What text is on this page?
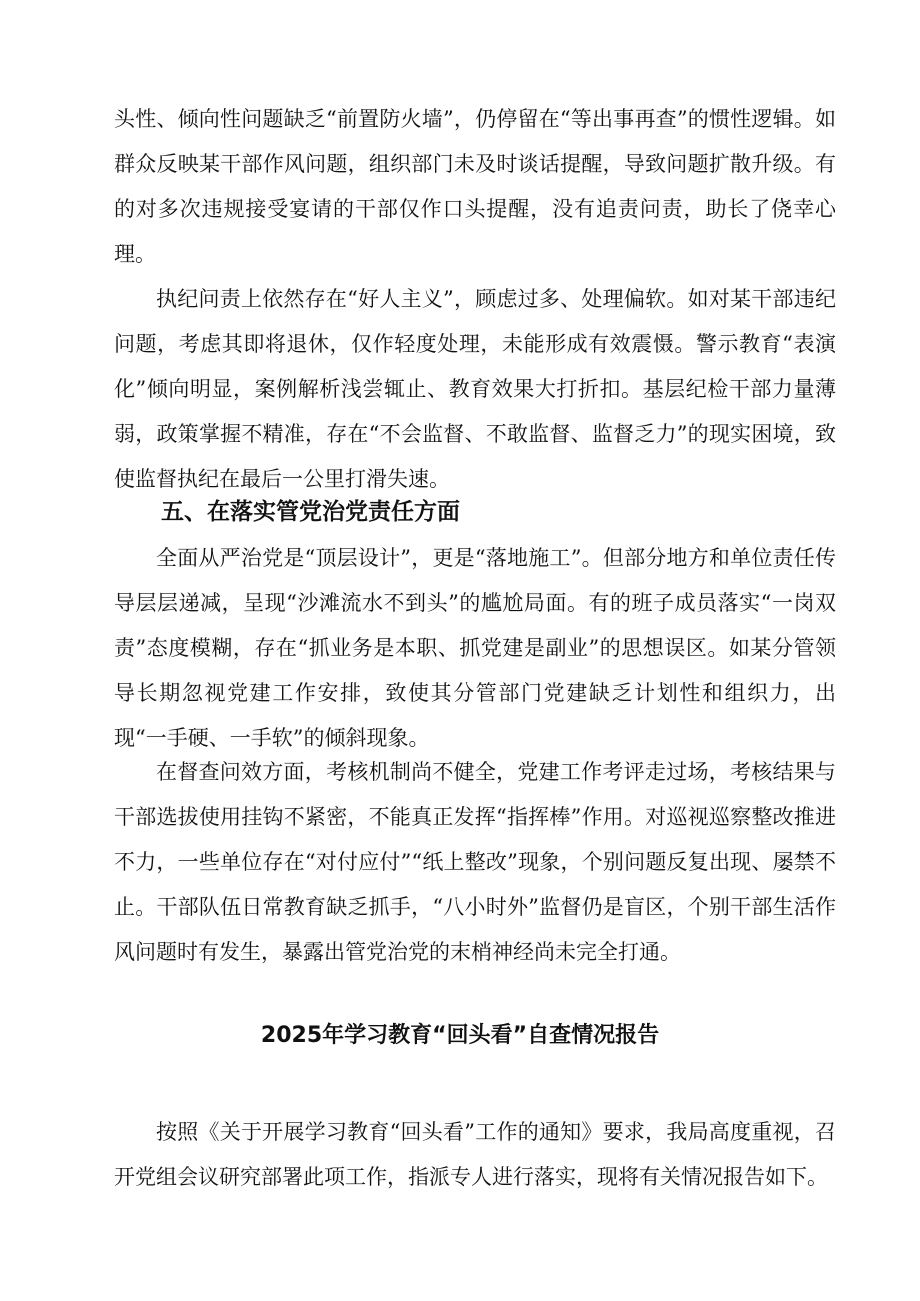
头性、倾向性问题缺乏“前置防火墙”，仍停留在“等出事再查”的惯性逻辑。如群众反映某干部作风问题，组织部门未及时谈话提醒，导致问题扩散升级。有的对多次违规接受宴请的干部仅作口头提醒，没有追责问责，助长了侥幸心理。

执纪问责上依然存在“好人主义”，顾虑过多、处理偏软。如对某干部违纪问题，考虑其即将退休，仅作轻度处理，未能形成有效震慑。警示教育“表演化”倾向明显，案例解析浅尝辄止、教育效果大打折扣。基层纪检干部力量薄弱，政策掌握不精准，存在“不会监督、不敢监督、监督乏力”的现实困境，致使监督执纪在最后一公里打滑失速。

五、在落实管党治党责任方面

全面从严治党是“顶层设计”，更是“落地施工”。但部分地方和单位责任传导层层递减，呈现“沙滩流水不到头”的尴尬局面。有的班子成员落实“一岗双责”态度模糊，存在“抓业务是本职、抓党建是副业”的思想误区。如某分管领导长期忽视党建工作安排，致使其分管部门党建缺乏计划性和组织力，出现“一手硬、一手软”的倾斜现象。

在督查问效方面，考核机制尚不健全，党建工作考评走过场，考核结果与干部选拔使用挂钩不紧密，不能真正发挥“指挥棒”作用。对巡视巡察整改推进不力，一些单位存在“对付应付”“纸上整改”现象，个别问题反复出现、屡禁不止。干部队伍日常教育缺乏抓手，“八小时外”监督仍是盲区，个别干部生活作风问题时有发生，暴露出管党治党的末梢神经尚未完全打通。

2025年学习教育“回头看”自查情况报告

按照《关于开展学习教育“回头看”工作的通知》要求，我局高度重视，召开党组会议研究部署此项工作，指派专人进行落实，现将有关情况报告如下。
